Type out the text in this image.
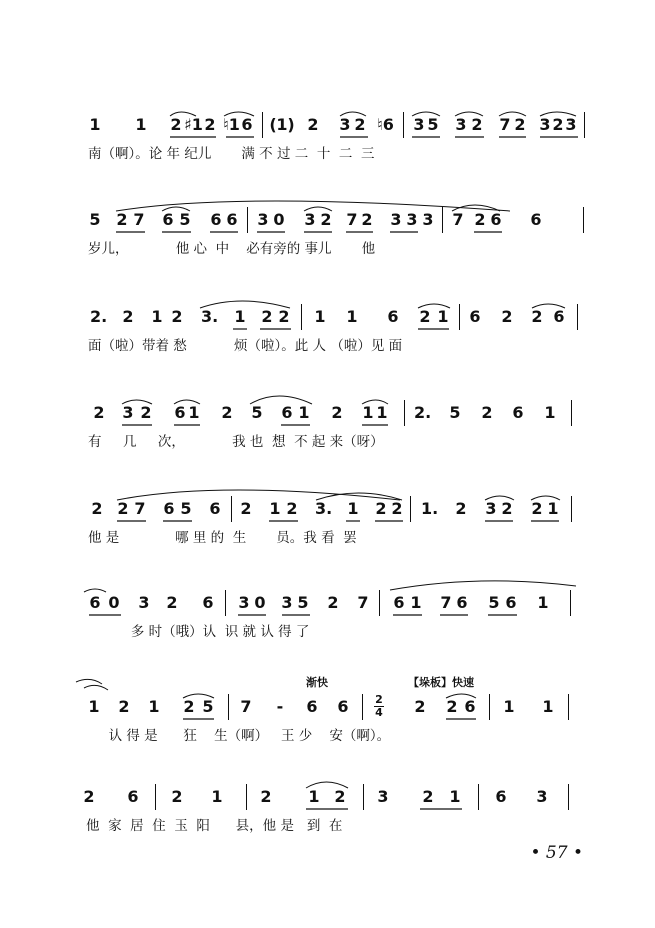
1 1 2 ♯1 2 ♮1 6 ( 1 ) 2 3 2 ♮6 3 5 3 2 7 2 3 2 3
南（啊）。论 年 纪儿       满 不 过 二  十  二  三
5 2 7 6 5 6 6 3 0 3 2 7 2 3 3 3 7 2 6 6
岁儿，           他 心  中    必有旁的 事儿       他
2. 2 1 2 3. 1 2 2 1 1 6 2 1 6 2 2 6
面（啦）带着 愁           烦（啦）。此 人 （啦）见 面
2 3 2 6 1 2 5 6 1 2 1 1 2. 5 2 6 1
有     几     次，           我 也  想  不 起 来（呀）
2 2 7 6 5 6 2 1 2 3. 1 2 2 1. 2 3 2 2 1
他 是             哪 里 的  生       员。我 看  罢
6 0 3 2 6 3 0 3 5 2 7 6 1 7 6 5 6 1
多 时（哦）认  识 就 认 得 了
渐快	【垛板】快速
1 2 1 2 5 7 - 6 6 2
4 2 2 6 1 1
认 得 是      狂    生（啊）   王 少    安（啊）。
2 6 2 1 2 1 2 3 2 1 6 3
他  家  居  住  玉  阳      县，他 是   到  在
• 57 •
